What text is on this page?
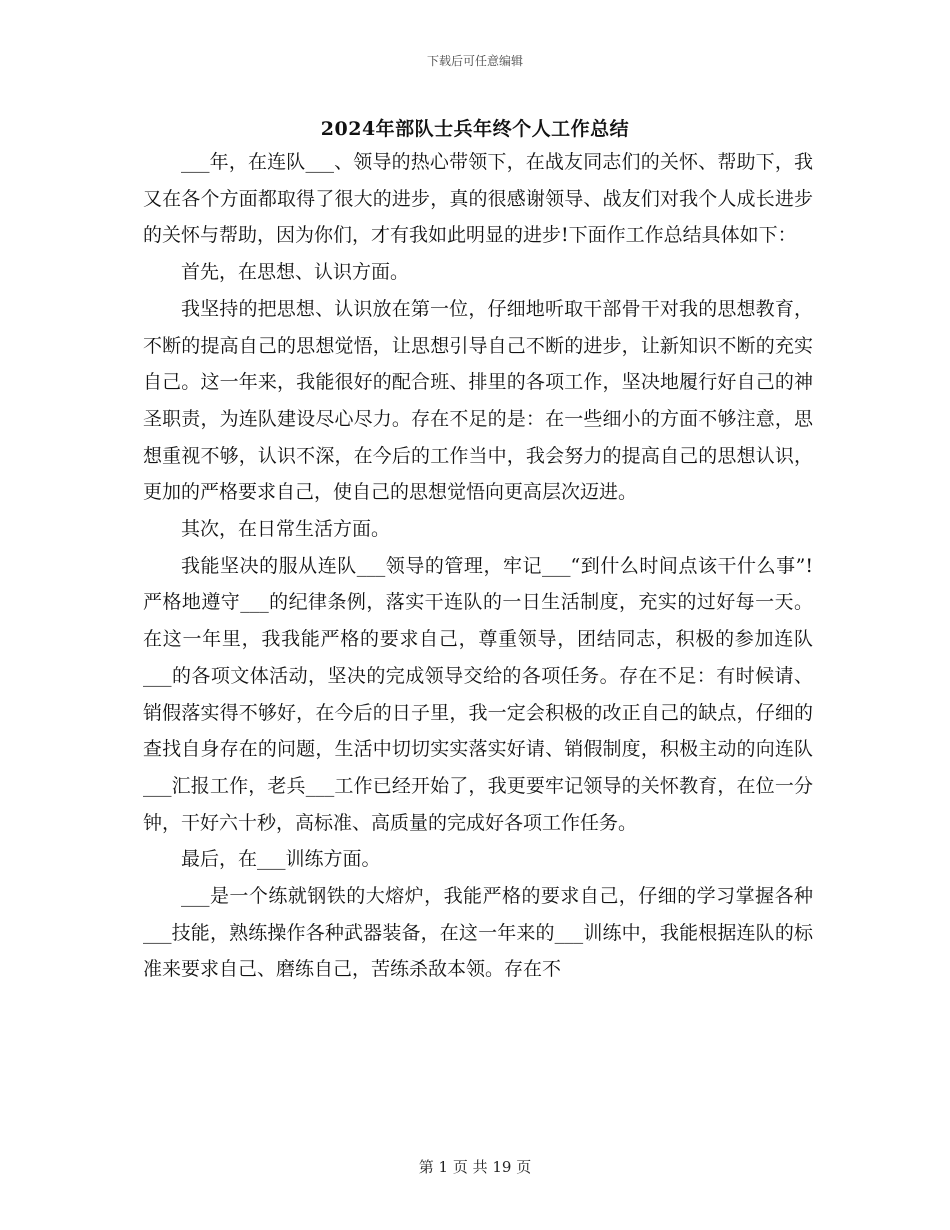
下载后可任意编辑
2024年部队士兵年终个人工作总结

___年，在连队___、领导的热心带领下，在战友同志们的关怀、帮助下，我又在各个方面都取得了很大的进步，真的很感谢领导、战友们对我个人成长进步的关怀与帮助，因为你们，才有我如此明显的进步!下面作工作总结具体如下：

首先，在思想、认识方面。

我坚持的把思想、认识放在第一位，仔细地听取干部骨干对我的思想教育，不断的提高自己的思想觉悟，让思想引导自己不断的进步，让新知识不断的充实自己。这一年来，我能很好的配合班、排里的各项工作，坚决地履行好自己的神圣职责，为连队建设尽心尽力。存在不足的是：在一些细小的方面不够注意，思想重视不够，认识不深，在今后的工作当中，我会努力的提高自己的思想认识，更加的严格要求自己，使自己的思想觉悟向更高层次迈进。

其次，在日常生活方面。

我能坚决的服从连队___领导的管理，牢记___“到什么时间点该干什么事”!严格地遵守___的纪律条例，落实干连队的一日生活制度，充实的过好每一天。在这一年里，我我能严格的要求自己，尊重领导，团结同志，积极的参加连队___的各项文体活动，坚决的完成领导交给的各项任务。存在不足：有时候请、销假落实得不够好，在今后的日子里，我一定会积极的改正自己的缺点，仔细的查找自身存在的问题，生活中切切实实落实好请、销假制度，积极主动的向连队___汇报工作，老兵___工作已经开始了，我更要牢记领导的关怀教育，在位一分钟，干好六十秒，高标准、高质量的完成好各项工作任务。

最后，在___训练方面。

___是一个练就钢铁的大熔炉，我能严格的要求自己，仔细的学习掌握各种___技能，熟练操作各种武器装备，在这一年来的___训练中，我能根据连队的标准来要求自己、磨练自己，苦练杀敌本领。存在不

第 1 页 共 19 页
